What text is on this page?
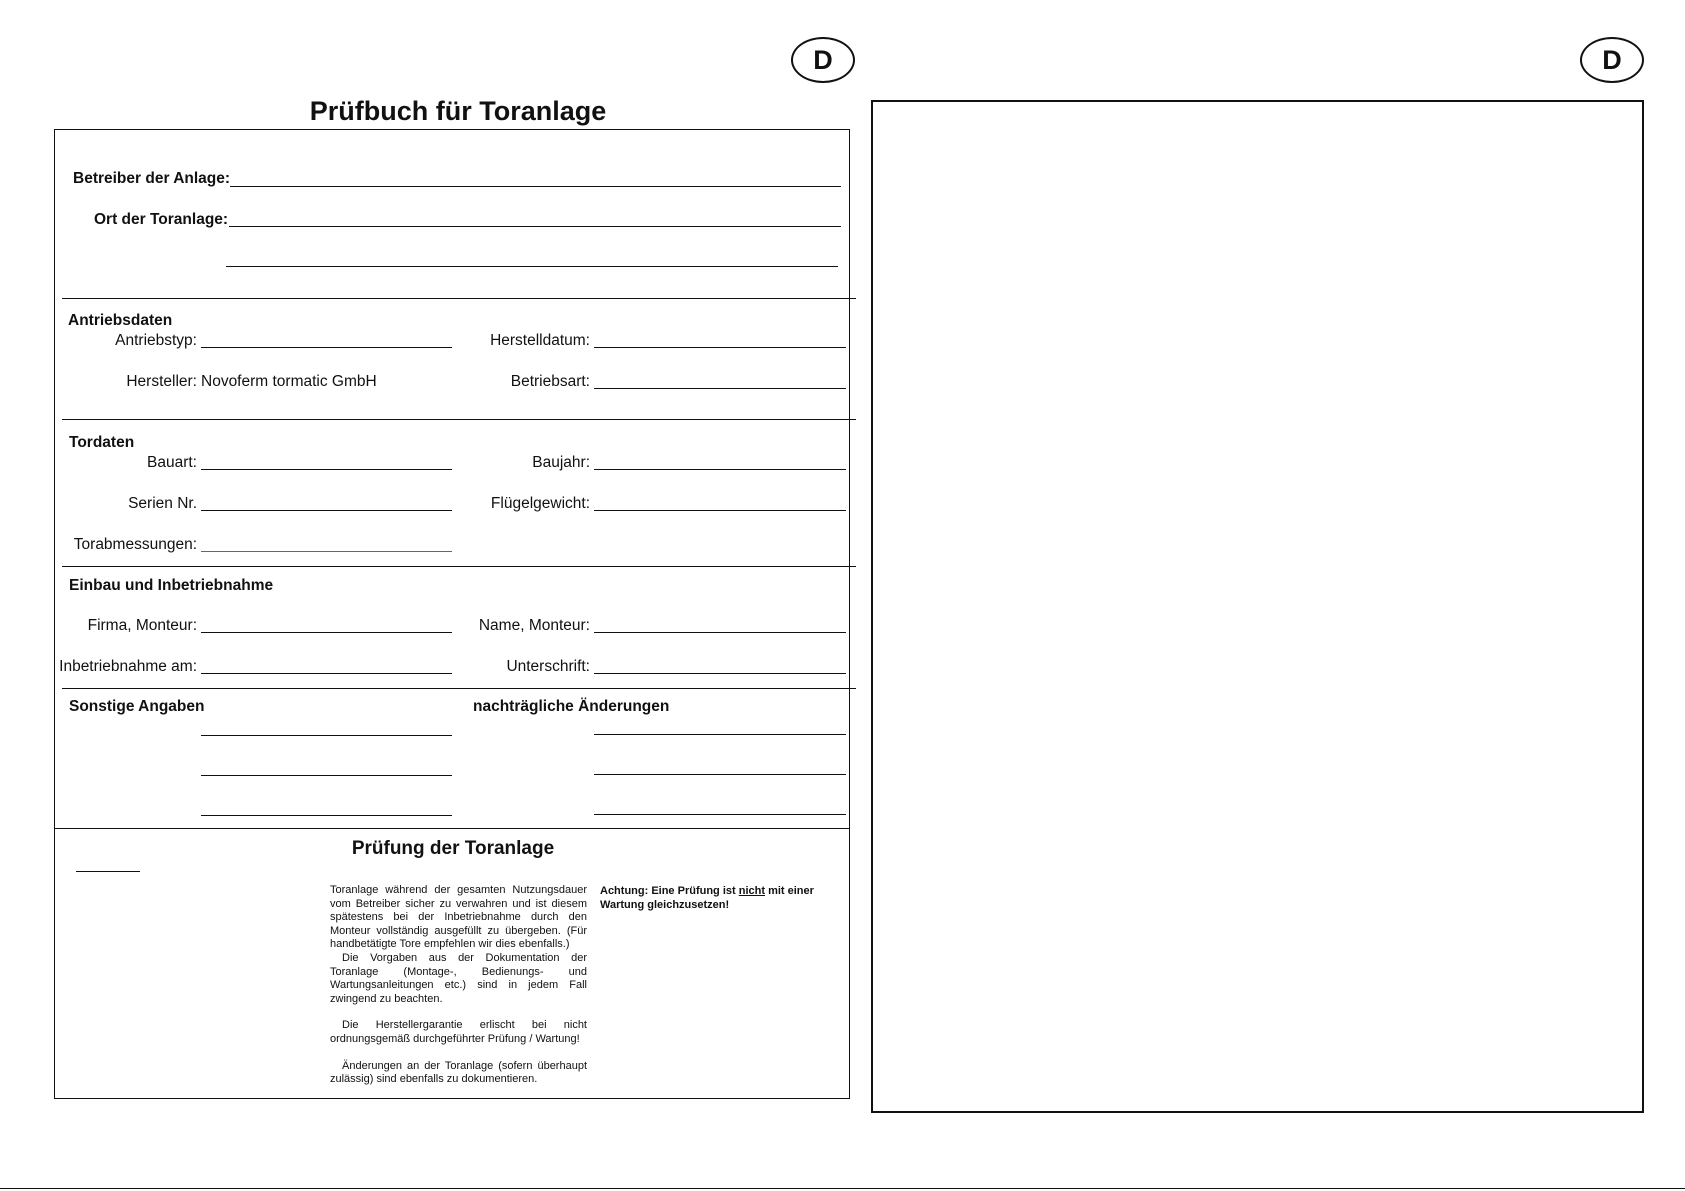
D	D
Prüfbuch für Toranlage
Betreiber der Anlage:
Ort der Toranlage:
Antriebsdaten
Antriebstyp:	Herstelldatum:
Hersteller: Novoferm tormatic GmbH	Betriebsart:
Tordaten
Bauart:	Baujahr:
Serien Nr.	Flügelgewicht:
Torabmessungen:
Einbau und Inbetriebnahme
Firma, Monteur:	Name, Monteur:
Inbetriebnahme am:	Unterschrift:
Sonstige Angaben	nachträgliche Änderungen
Prüfung der Toranlage

Toranlage während der gesamten Nutzungsdauer vom Betreiber sicher zu verwahren und ist diesem spätestens bei der Inbetriebnahme durch den Monteur vollständig ausgefüllt zu übergeben. (Für handbetätigte Tore empfehlen wir dies ebenfalls.)

Die Vorgaben aus der Dokumentation der Toranlage (Montage-, Bedienungs- und Wartungsanleitungen etc.) sind in jedem Fall zwingend zu beachten.

Die Herstellergarantie erlischt bei nicht ordnungsgemäß durchgeführter Prüfung / Wartung!

Änderungen an der Toranlage (sofern überhaupt zulässig) sind ebenfalls zu dokumentieren.

Achtung: Eine Prüfung ist nicht mit einer Wartung gleichzusetzen!
